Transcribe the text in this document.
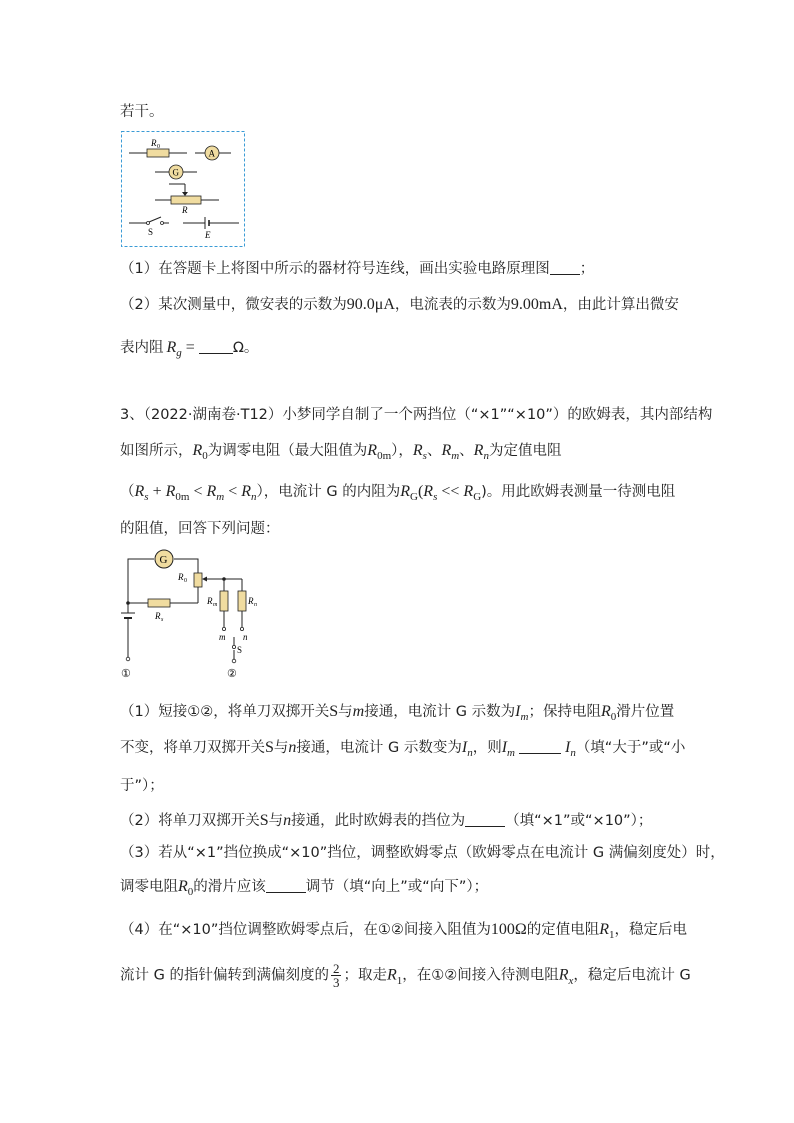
若干。
R 0
A
G
R
S	E
（1）在答题卡上将图中所示的器材符号连线，画出实验电路原理图 ；
（2）某次测量中，微安表的示数为90.0μA，电流表的示数为9.00mA，由此计算出微安
表内阻 $R_g = \Omega$。
3、（2022·湖南卷·T12）小梦同学自制了一个两挡位（“×1”“×10”）的欧姆表，其内部结构
如图所示，$R_0$为调零电阻（最大阻值为$R_{0m}$），$R_s$、$R_m$、$R_n$为定值电阻
$(R_s + R_{0m} < R_m < R_n)$，电流计 G 的内阻为$R_G(R_s << R_G)$。用此欧姆表测量一待测电阻
的阻值，回答下列问题：
G
R 0
R s
R m	R n
m n
S
①	②
（1）短接①②，将单刀双掷开关S与m接通，电流计 G 示数为$I_m$；保持电阻$R_0$滑片位置
不变，将单刀双掷开关S与n接通，电流计 G 示数变为$I_n$，则$I_m$	$I_n$（填“大于”或“小
于”）；
（2）将单刀双掷开关S与n接通，此时欧姆表的挡位为	（填“×1”或“×10”）；
（3）若从“×1”挡位换成“×10”挡位，调整欧姆零点（欧姆零点在电流计 G 满偏刻度处）时，
调零电阻$R_0$的滑片应该	调节（填“向上”或“向下”）；
（4）在“×10”挡位调整欧姆零点后，在①②间接入阻值为100Ω的定值电阻$R_1$，稳定后电
流计 G 的指针偏转到满偏刻度的 $\frac{2}{3}$ ；取走$R_1$，在①②间接入待测电阻$R_x$，稳定后电流计 G
